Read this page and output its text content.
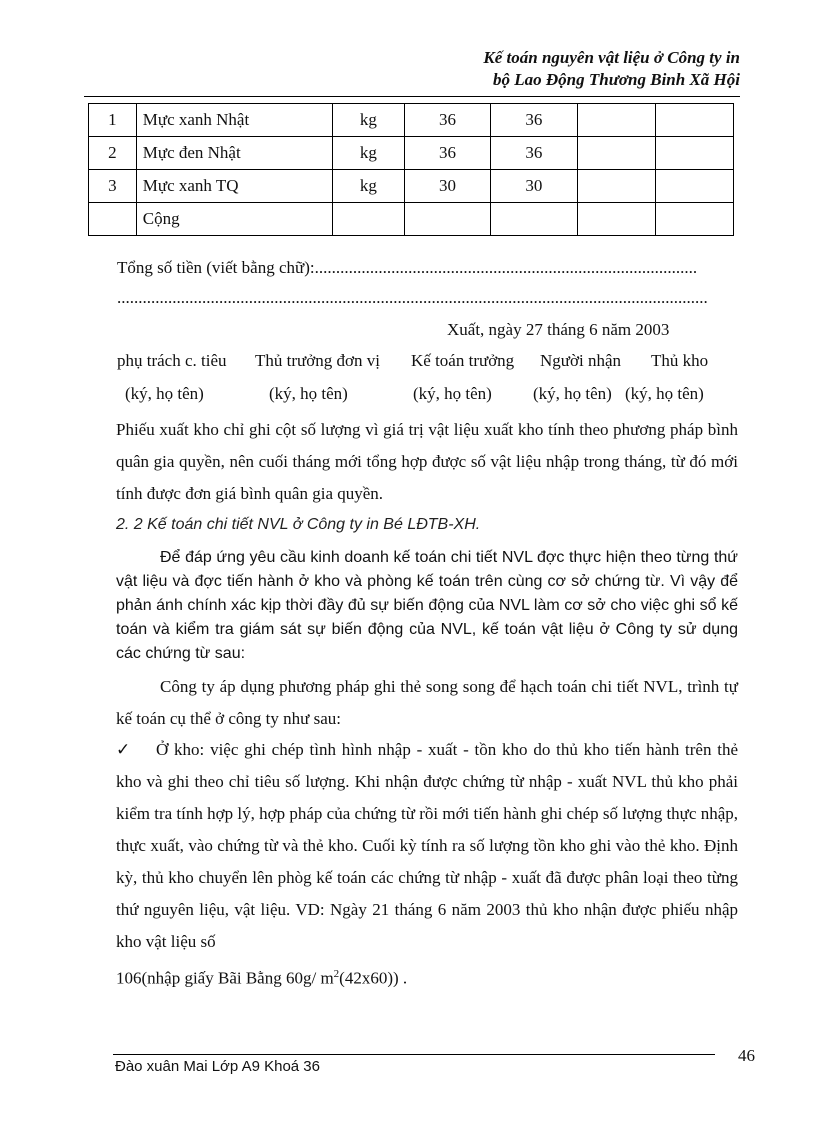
Kế toán nguyên vật liệu ở Công ty in
bộ Lao Động Thương Binh Xã Hội
1	Mực xanh Nhật	kg	36	36		
2	Mực đen Nhật	kg	36	36		
3	Mực xanh TQ	kg	30	30		
	Cộng					
Tổng số tiền (viết bằng chữ):..........................................................................................
...........................................................................................................................................
Xuất, ngày 27 tháng 6 năm 2003
phụ trách c. tiêu Thủ trưởng đơn vị Kế toán trưởng Người nhận Thủ kho
(ký, họ tên)	(ký, họ tên)	(ký, họ tên) (ký, họ tên) (ký, họ tên)
Phiếu xuất kho chỉ ghi cột số lượng vì giá trị vật liệu xuất kho tính theo phương pháp bình quân gia quyền, nên cuối tháng mới tổng hợp được số vật liệu nhập trong tháng, từ đó mới tính được đơn giá bình quân gia quyền.
2. 2 Kế toán chi tiết NVL ở Công ty in Bé LĐTB-XH.
Để đáp ứng yêu cầu kinh doanh kế toán chi tiết NVL đợc thực hiện theo từng thứ vật liệu và đợc tiến hành ở kho và phòng kế toán trên cùng cơ sở chứng từ. Vì vậy để phản ánh chính xác kịp thời đầy đủ sự biến động của NVL làm cơ sở cho việc ghi sổ kế toán và kiểm tra giám sát sự biến động của NVL, kế toán vật liệu ở Công ty sử dụng các chứng từ sau:
Công ty áp dụng phương pháp ghi thẻ song song để hạch toán chi tiết NVL, trình tự kế toán cụ thể ở công ty như sau:
✓ Ở kho: việc ghi chép tình hình nhập - xuất - tồn kho do thủ kho tiến hành trên thẻ kho và ghi theo chỉ tiêu số lượng. Khi nhận được chứng từ nhập - xuất NVL thủ kho phải kiểm tra tính hợp lý, hợp pháp của chứng từ rồi mới tiến hành ghi chép số lượng thực nhập, thực xuất, vào chứng từ và thẻ kho. Cuối kỳ tính ra số lượng tồn kho ghi vào thẻ kho. Định kỳ, thủ kho chuyển lên phòg kế toán các chứng từ nhập - xuất đã được phân loại theo từng thứ nguyên liệu, vật liệu. VD: Ngày 21 tháng 6 năm 2003 thủ kho nhận được phiếu nhập kho vật liệu số
106(nhập giấy Bãi Bằng 60g/ $m^2(42x60)$) .
Đào xuân Mai Lớp A9 Khoá 36
46
